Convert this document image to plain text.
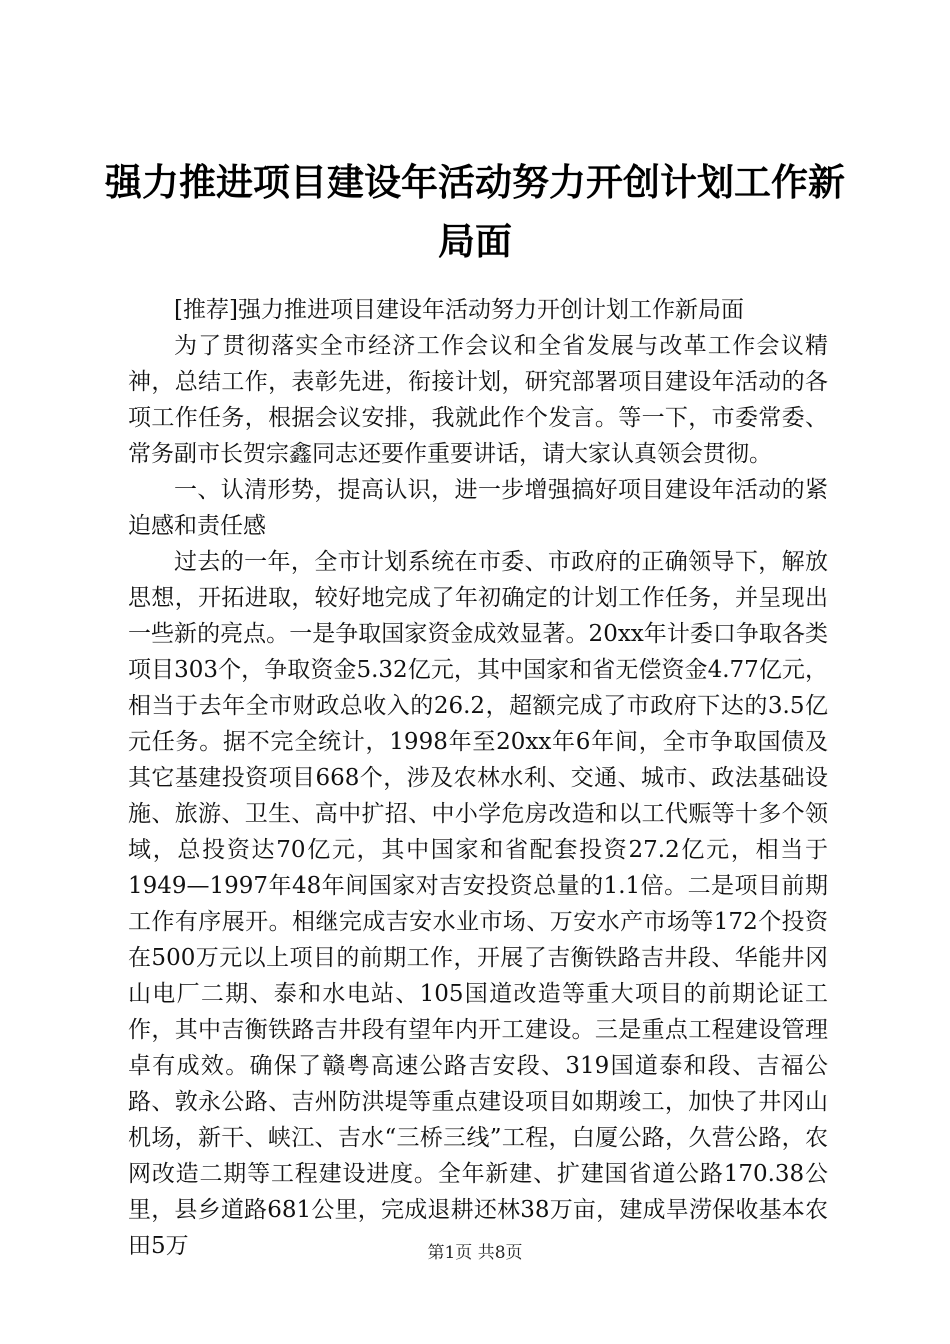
强力推进项目建设年活动努力开创计划工作新
局面

[推荐]强力推进项目建设年活动努力开创计划工作新局面

为了贯彻落实全市经济工作会议和全省发展与改革工作会议精神，总结工作，表彰先进，衔接计划，研究部署项目建设年活动的各项工作任务，根据会议安排，我就此作个发言。等一下，市委常委、常务副市长贺宗鑫同志还要作重要讲话，请大家认真领会贯彻。

一、认清形势，提高认识，进一步增强搞好项目建设年活动的紧迫感和责任感

过去的一年，全市计划系统在市委、市政府的正确领导下，解放思想，开拓进取，较好地完成了年初确定的计划工作任务，并呈现出一些新的亮点。一是争取国家资金成效显著。20xx年计委口争取各类项目303个，争取资金5.32亿元，其中国家和省无偿资金4.77亿元，相当于去年全市财政总收入的26.2，超额完成了市政府下达的3.5亿元任务。据不完全统计，1998年至20xx年6年间，全市争取国债及其它基建投资项目668个，涉及农林水利、交通、城市、政法基础设施、旅游、卫生、高中扩招、中小学危房改造和以工代赈等十多个领域，总投资达70亿元，其中国家和省配套投资27.2亿元，相当于1949—1997年48年间国家对吉安投资总量的1.1倍。二是项目前期工作有序展开。相继完成吉安水业市场、万安水产市场等172个投资在500万元以上项目的前期工作，开展了吉衡铁路吉井段、华能井冈山电厂二期、泰和水电站、105国道改造等重大项目的前期论证工作，其中吉衡铁路吉井段有望年内开工建设。三是重点工程建设管理卓有成效。确保了赣粤高速公路吉安段、319国道泰和段、吉福公路、敦永公路、吉州防洪堤等重点建设项目如期竣工，加快了井冈山机场，新干、峡江、吉水“三桥三线”工程，白厦公路，久营公路，农网改造二期等工程建设进度。全年新建、扩建国省道公路170.38公里，县乡道路681公里，完成退耕还林38万亩，建成旱涝保收基本农田5万	第1页 共8页
